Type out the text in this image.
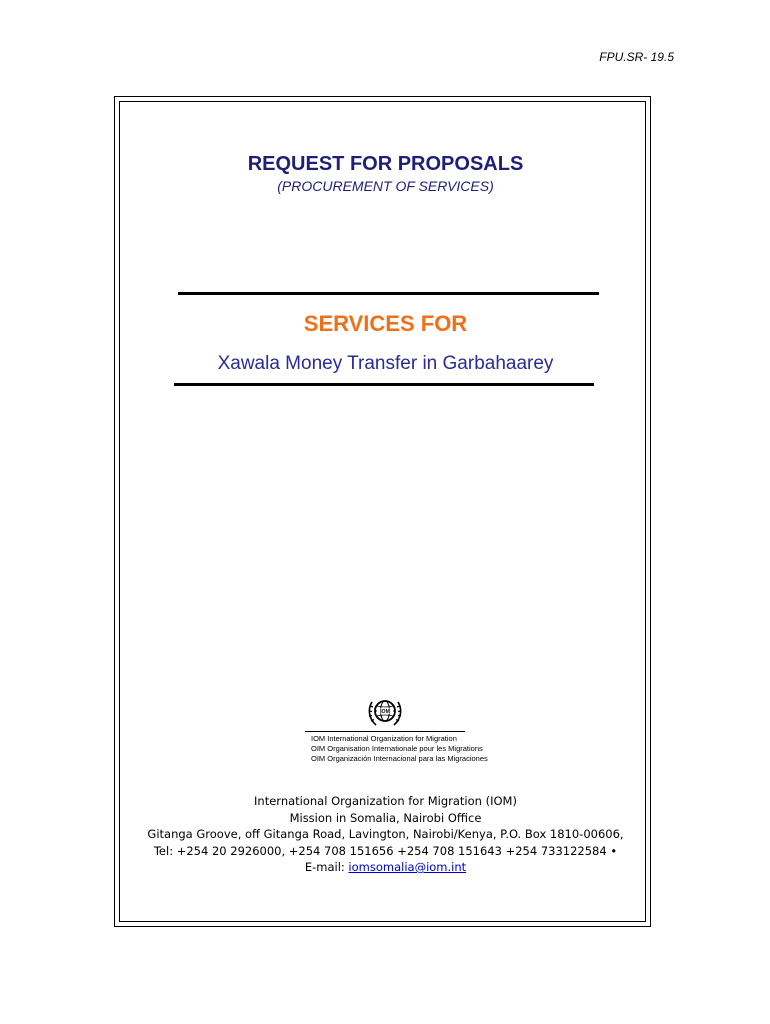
FPU.SR- 19.5
REQUEST FOR PROPOSALS
(PROCUREMENT OF SERVICES)
SERVICES FOR
Xawala Money Transfer in Garbahaarey
IOM
IOM International Organization for Migration
OIM Organisation Internationale pour les Migrations
OIM Organización Internacional para las Migraciones
International Organization for Migration (IOM)
Mission in Somalia, Nairobi Office
Gitanga Groove, off Gitanga Road, Lavington, Nairobi/Kenya, P.O. Box 1810-00606,
Tel: +254 20 2926000, +254 708 151656 +254 708 151643 +254 733122584 •
E-mail: iomsomalia@iom.int
